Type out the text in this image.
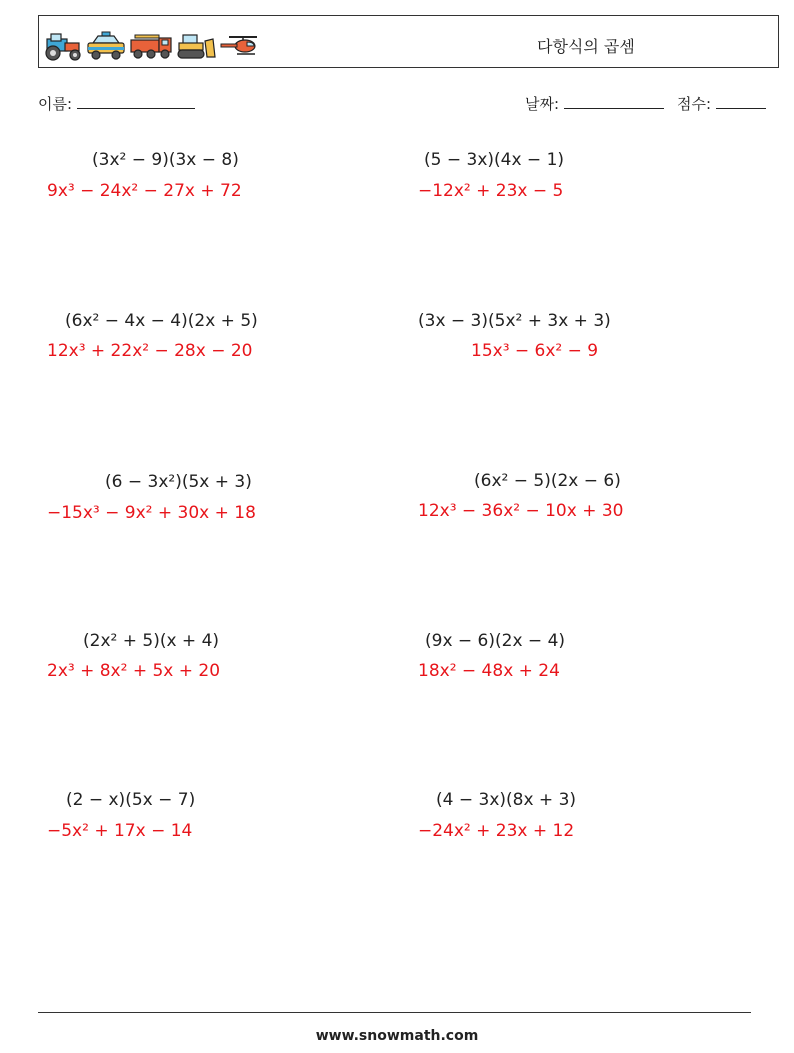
다항식의 곱셈
이름:	날짜:	점수:
(3x² − 9)(3x − 8)
9x³ − 24x² − 27x + 72
(5 − 3x)(4x − 1)
−12x² + 23x − 5
(6x² − 4x − 4)(2x + 5)
12x³ + 22x² − 28x − 20
(3x − 3)(5x² + 3x + 3)
15x³ − 6x² − 9
(6 − 3x²)(5x + 3)
−15x³ − 9x² + 30x + 18
(6x² − 5)(2x − 6)
12x³ − 36x² − 10x + 30
(2x² + 5)(x + 4)
2x³ + 8x² + 5x + 20
(9x − 6)(2x − 4)
18x² − 48x + 24
(2 − x)(5x − 7)
−5x² + 17x − 14
(4 − 3x)(8x + 3)
−24x² + 23x + 12
www.snowmath.com
